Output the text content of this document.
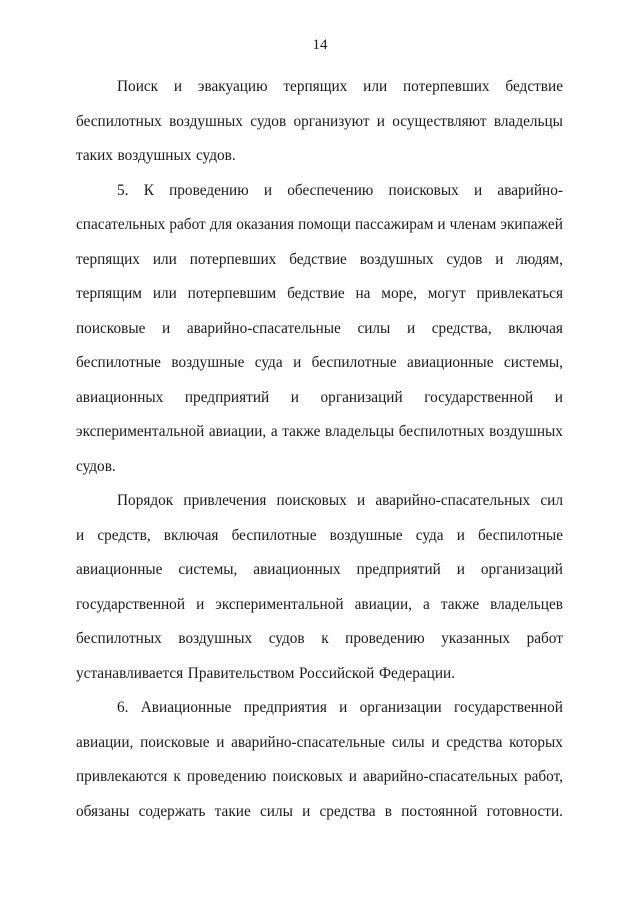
14
Поиск и эвакуацию терпящих или потерпевших бедствие
беспилотных воздушных судов организуют и осуществляют владельцы
таких воздушных судов.
5. К проведению и обеспечению поисковых и аварийно-
спасательных работ для оказания помощи пассажирам и членам экипажей
терпящих или потерпевших бедствие воздушных судов и людям,
терпящим или потерпевшим бедствие на море, могут привлекаться
поисковые и аварийно-спасательные силы и средства, включая
беспилотные воздушные суда и беспилотные авиационные системы,
авиационных предприятий и организаций государственной и
экспериментальной авиации, а также владельцы беспилотных воздушных
судов.
Порядок привлечения поисковых и аварийно-спасательных сил
и средств, включая беспилотные воздушные суда и беспилотные
авиационные системы, авиационных предприятий и организаций
государственной и экспериментальной авиации, а также владельцев
беспилотных воздушных судов к проведению указанных работ
устанавливается Правительством Российской Федерации.
6. Авиационные предприятия и организации государственной
авиации, поисковые и аварийно-спасательные силы и средства которых
привлекаются к проведению поисковых и аварийно-спасательных работ,
обязаны содержать такие силы и средства в постоянной готовности.
